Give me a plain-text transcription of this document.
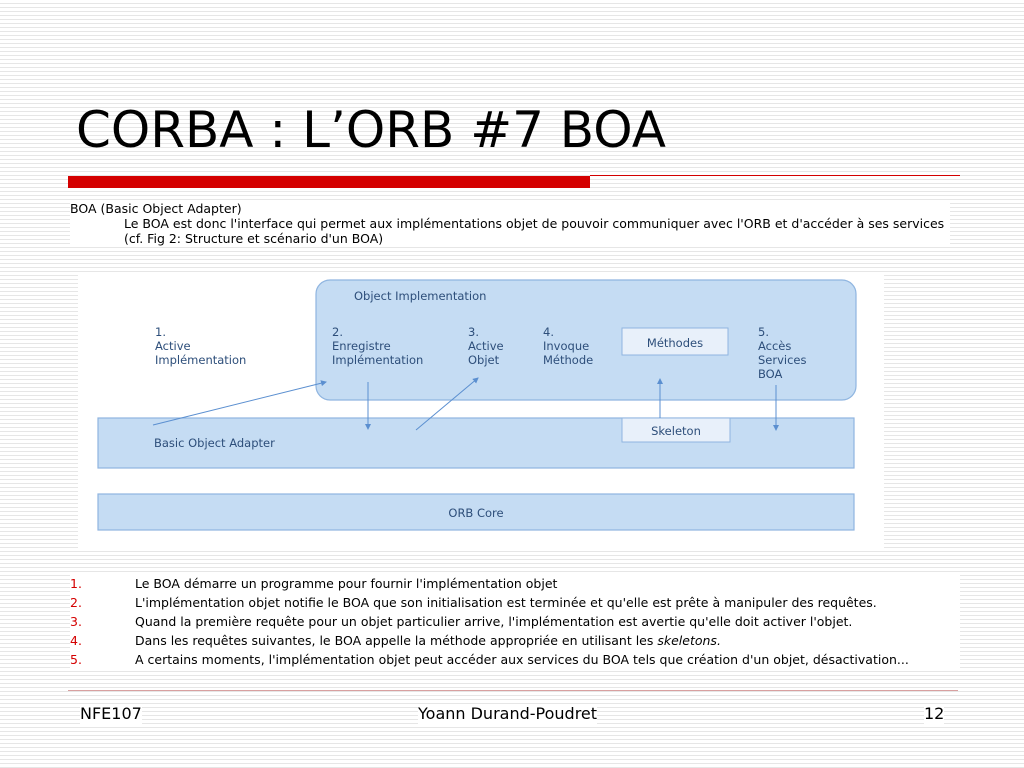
CORBA : L’ORB #7 BOA
BOA (Basic Object Adapter)
Le BOA est donc l'interface qui permet aux implémentations objet de pouvoir communiquer avec l'ORB et d'accéder à ses services (cf. Fig 2: Structure et scénario d'un BOA)
Object Implementation
Basic Object Adapter
ORB Core
Méthodes
Skeleton
1.
Active
Implémentation
2.
Enregistre
Implémentation
3.
Active
Objet
4.
Invoque
Méthode
5.
Accès
Services
BOA
1.	Le BOA démarre un programme pour fournir l'implémentation objet
2.	L'implémentation objet notifie le BOA que son initialisation est terminée et qu'elle est prête à manipuler des requêtes.
3.	Quand la première requête pour un objet particulier arrive, l'implémentation est avertie qu'elle doit activer l'objet.
4.	Dans les requêtes suivantes, le BOA appelle la méthode appropriée en utilisant les skeletons.
5.	A certains moments, l'implémentation objet peut accéder aux services du BOA tels que création d'un objet, désactivation...
NFE107	Yoann Durand-Poudret	12
